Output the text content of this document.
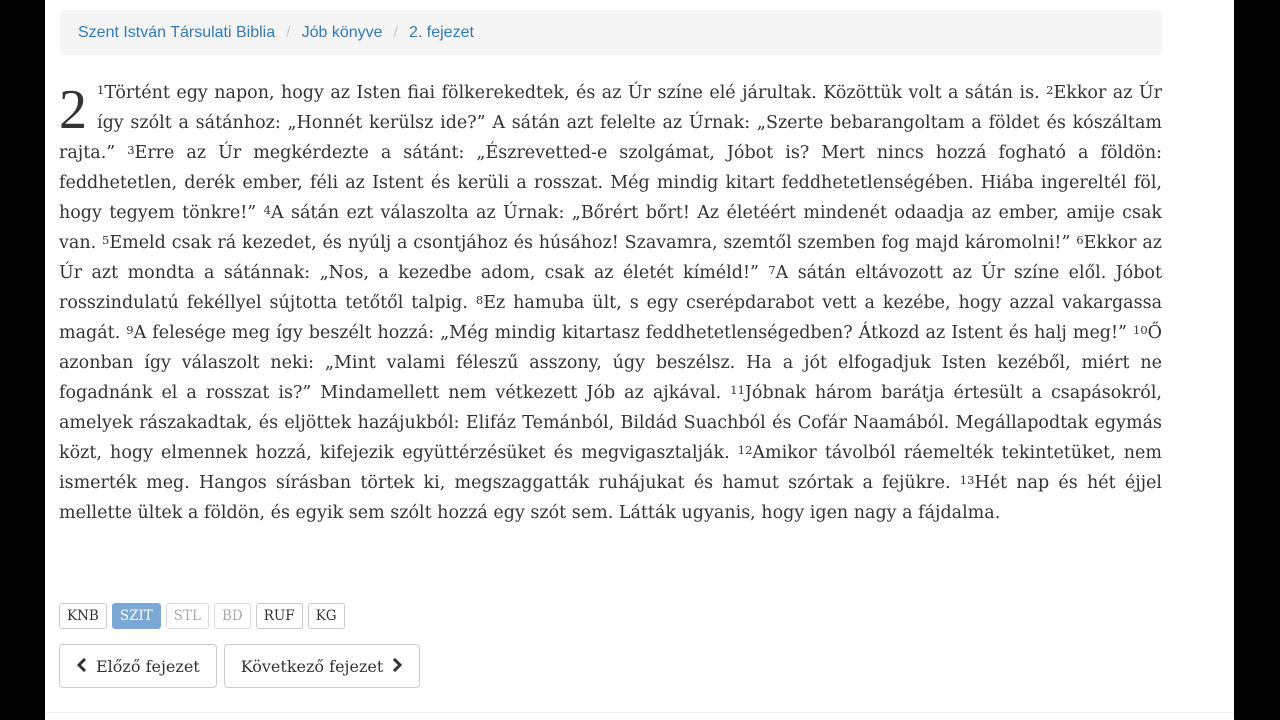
Szent István Társulati Biblia / Jób könyve / 2. fejezet

2 $^1$Történt egy napon, hogy az Isten fiai fölkerekedtek, és az Úr színe elé járultak. Közöttük volt a sátán is. $^2$Ekkor az Úr így szólt a sátánhoz: „Honnét kerülsz ide?” A sátán azt felelte az Úrnak: „Szerte bebarangoltam a földet és kószáltam rajta.” $^3$Erre az Úr megkérdezte a sátánt: „Észrevetted-e szolgámat, Jóbot is? Mert nincs hozzá fogható a földön: feddhetetlen, derék ember, féli az Istent és kerüli a rosszat. Még mindig kitart feddhetetlenségében. Hiába ingereltél föl, hogy tegyem tönkre!” $^4$A sátán ezt válaszolta az Úrnak: „Bőrért bőrt! Az életéért mindenét odaadja az ember, amije csak van. $^5$Emeld csak rá kezedet, és nyúlj a csontjához és húsához! Szavamra, szemtől szemben fog majd káromolni!” $^6$Ekkor az Úr azt mondta a sátánnak: „Nos, a kezedbe adom, csak az életét kíméld!” $^7$A sátán eltávozott az Úr színe elől. Jóbot rosszindulatú fekéllyel sújtotta tetőtől talpig. $^8$Ez hamuba ült, s egy cserépdarabot vett a kezébe, hogy azzal vakargassa magát. $^9$A felesége meg így beszélt hozzá: „Még mindig kitartasz feddhetetlenségedben? Átkozd az Istent és halj meg!” $^{10}$Ő azonban így válaszolt neki: „Mint valami féleszű asszony, úgy beszélsz. Ha a jót elfogadjuk Isten kezéből, miért ne fogadnánk el a rosszat is?” Mindamellett nem vétkezett Jób az ajkával. $^{11}$Jóbnak három barátja értesült a csapásokról, amelyek rászakadtak, és eljöttek hazájukból: Elifáz Temánból, Bildád Suachból és Cofár Naamából. Megállapodtak egymás közt, hogy elmennek hozzá, kifejezik együttérzésüket és megvigasztalják. $^{12}$Amikor távolból ráemelték tekintetüket, nem ismerték meg. Hangos sírásban törtek ki, megszaggatták ruhájukat és hamut szórtak a fejükre. $^{13}$Hét nap és hét éjjel mellette ültek a földön, és egyik sem szólt hozzá egy szót sem. Látták ugyanis, hogy igen nagy a fájdalma.

KNB	SZIT	STL	BD	RUF	KG
Előző fejezet	Következő fejezet
